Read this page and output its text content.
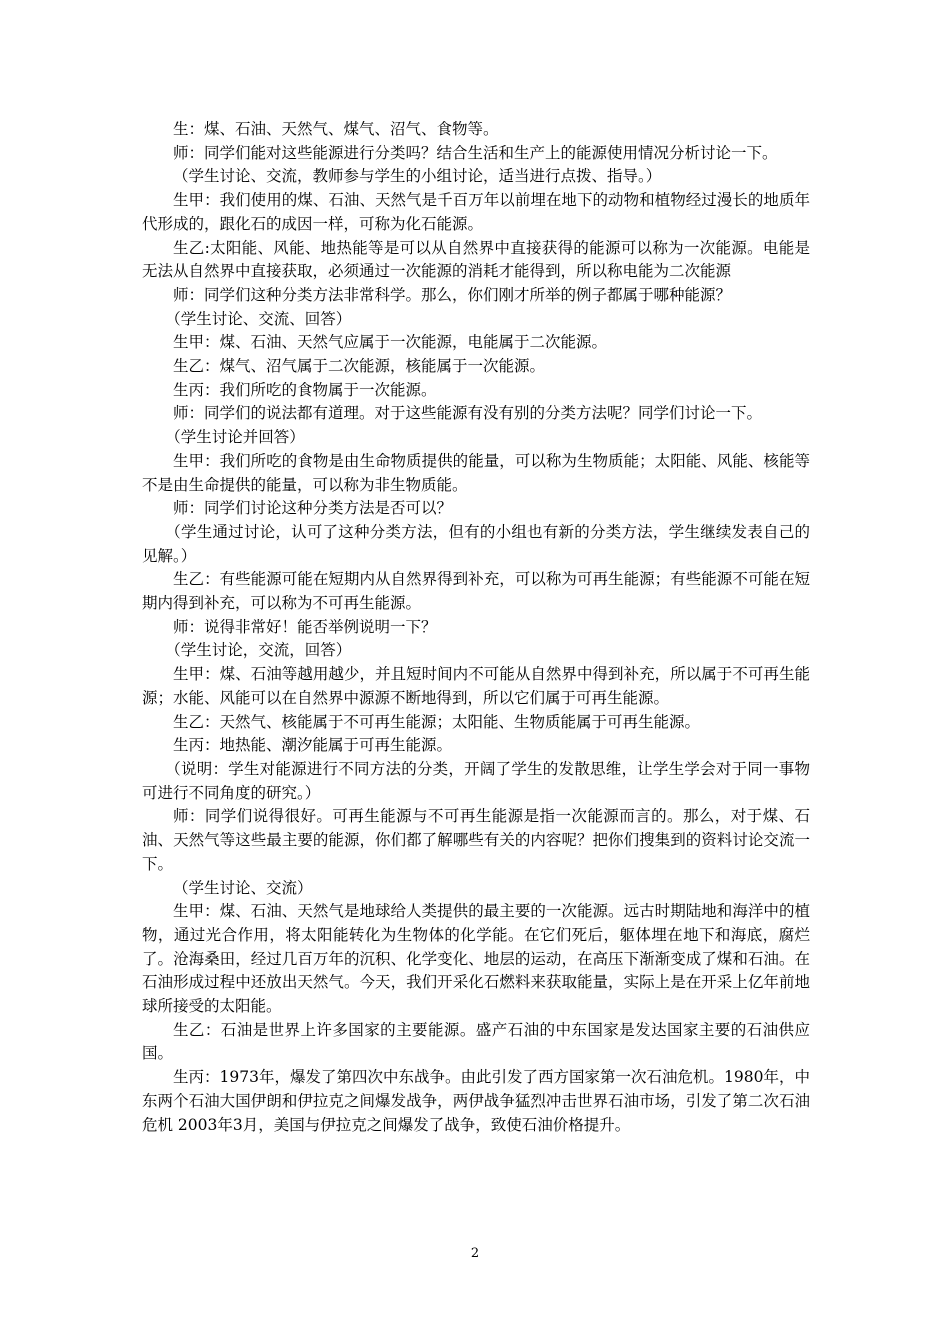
生：煤、石油、天然气、煤气、沼气、食物等。

师：同学们能对这些能源进行分类吗？结合生活和生产上的能源使用情况分析讨论一下。

（学生讨论、交流，教师参与学生的小组讨论，适当进行点拨、指导。）

生甲：我们使用的煤、石油、天然气是千百万年以前埋在地下的动物和植物经过漫长的地质年代形成的，跟化石的成因一样，可称为化石能源。

生乙:太阳能、风能、地热能等是可以从自然界中直接获得的能源可以称为一次能源。电能是无法从自然界中直接获取，必须通过一次能源的消耗才能得到，所以称电能为二次能源

师：同学们这种分类方法非常科学。那么，你们刚才所举的例子都属于哪种能源？

（学生讨论、交流、回答）

生甲：煤、石油、天然气应属于一次能源，电能属于二次能源。

生乙：煤气、沼气属于二次能源，核能属于一次能源。

生丙：我们所吃的食物属于一次能源。

师：同学们的说法都有道理。对于这些能源有没有别的分类方法呢？同学们讨论一下。

（学生讨论并回答）

生甲：我们所吃的食物是由生命物质提供的能量，可以称为生物质能；太阳能、风能、核能等不是由生命提供的能量，可以称为非生物质能。

师：同学们讨论这种分类方法是否可以？

（学生通过讨论，认可了这种分类方法，但有的小组也有新的分类方法，学生继续发表自己的见解。）

生乙：有些能源可能在短期内从自然界得到补充，可以称为可再生能源；有些能源不可能在短期内得到补充，可以称为不可再生能源。

师：说得非常好！能否举例说明一下？

（学生讨论，交流，回答）

生甲：煤、石油等越用越少，并且短时间内不可能从自然界中得到补充，所以属于不可再生能源；水能、风能可以在自然界中源源不断地得到，所以它们属于可再生能源。

生乙：天然气、核能属于不可再生能源；太阳能、生物质能属于可再生能源。

生丙：地热能、潮汐能属于可再生能源。

（说明：学生对能源进行不同方法的分类，开阔了学生的发散思维，让学生学会对于同一事物可进行不同角度的研究。）

师：同学们说得很好。可再生能源与不可再生能源是指一次能源而言的。那么，对于煤、石油、天然气等这些最主要的能源，你们都了解哪些有关的内容呢？把你们搜集到的资料讨论交流一下。

（学生讨论、交流）

生甲：煤、石油、天然气是地球给人类提供的最主要的一次能源。远古时期陆地和海洋中的植物，通过光合作用，将太阳能转化为生物体的化学能。在它们死后，躯体埋在地下和海底，腐烂了。沧海桑田，经过几百万年的沉积、化学变化、地层的运动，在高压下渐渐变成了煤和石油。在石油形成过程中还放出天然气。今天，我们开采化石燃料来获取能量，实际上是在开采上亿年前地球所接受的太阳能。

生乙：石油是世界上许多国家的主要能源。盛产石油的中东国家是发达国家主要的石油供应国。

生丙：1973年，爆发了第四次中东战争。由此引发了西方国家第一次石油危机。1980年，中东两个石油大国伊朗和伊拉克之间爆发战争，两伊战争猛烈冲击世界石油市场，引发了第二次石油危机 2003年3月，美国与伊拉克之间爆发了战争，致使石油价格提升。

2
